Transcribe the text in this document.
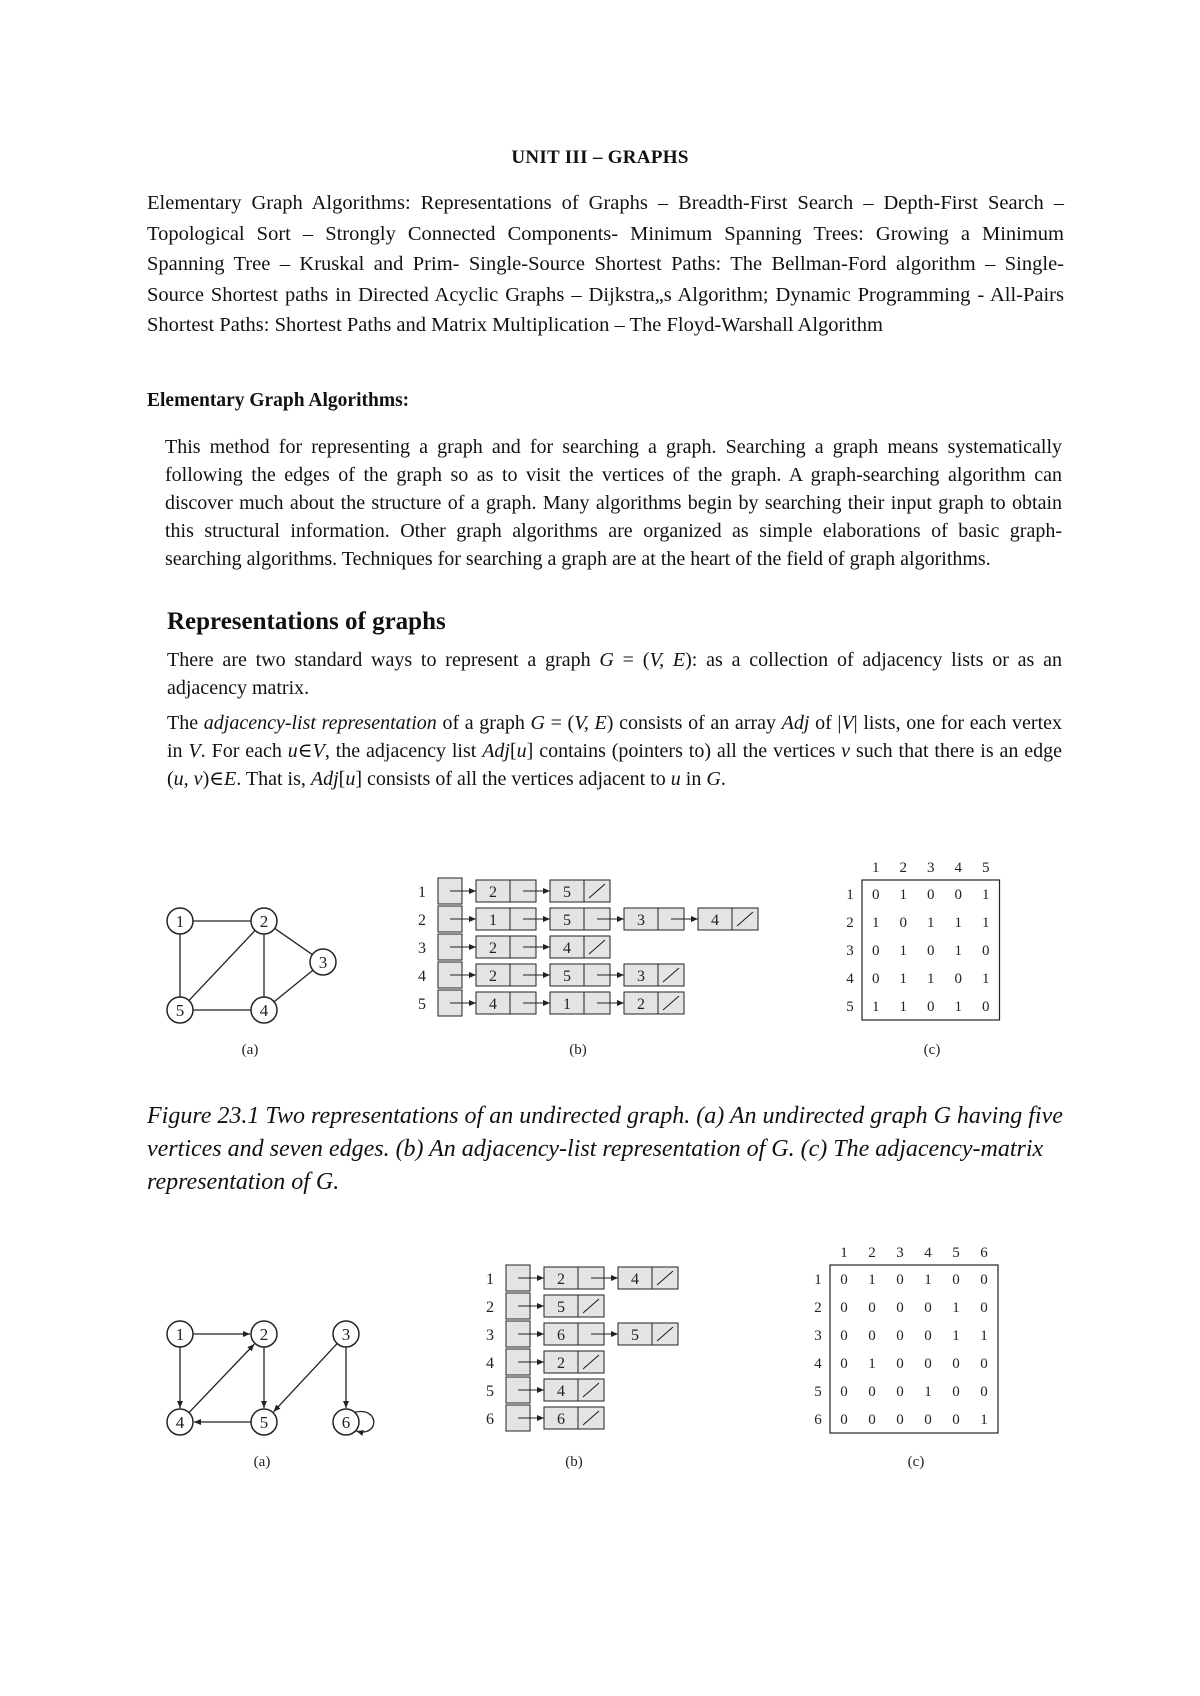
UNIT III – GRAPHS
Elementary Graph Algorithms: Representations of Graphs – Breadth-First Search – Depth-First Search – Topological Sort – Strongly Connected Components- Minimum Spanning Trees: Growing a Minimum Spanning Tree – Kruskal and Prim- Single-Source Shortest Paths: The Bellman-Ford algorithm – Single-Source Shortest paths in Directed Acyclic Graphs – Dijkstra„s Algorithm; Dynamic Programming - All-Pairs Shortest Paths: Shortest Paths and Matrix Multiplication – The Floyd-Warshall Algorithm
Elementary Graph Algorithms:
This method for representing a graph and for searching a graph. Searching a graph means systematically following the edges of the graph so as to visit the vertices of the graph. A graph-searching algorithm can discover much about the structure of a graph. Many algorithms begin by searching their input graph to obtain this structural information. Other graph algorithms are organized as simple elaborations of basic graph-searching algorithms. Techniques for searching a graph are at the heart of the field of graph algorithms.
Representations of graphs
There are two standard ways to represent a graph G = (V, E): as a collection of adjacency lists or as an adjacency matrix.
The adjacency-list representation of a graph G = (V, E) consists of an array Adj of |V| lists, one for each vertex in V. For each u∈V, the adjacency list Adj[u] contains (pointers to) all the vertices v such that there is an edge (u, v)∈E. That is, Adj[u] consists of all the vertices adjacent to u in G.
1	2
3
4
5
(a)
1	2	5
2	1	5	3	4
3	2	4
4	2	5	3
5	4	1	2
(b)
1 2 3 4 5
1 0 1 0 0 1
2 1 0 1 1 1
3 0 1 0 1 0
4 0 1 1 0 1
5 1 1 0 1 0
(c)
1	2	3
4	5	6
(a)
1	2	4
2	5
3	6	5
4	2
5	4
6	6
(b)
1 2 3 4 5 6
1 0 1 0 1 0 0
2 0 0 0 0 1 0
3 0 0 0 0 1 1
4 0 1 0 0 0 0
5 0 0 0 1 0 0
6 0 0 0 0 0 1
(c)
Figure 23.1 Two representations of an undirected graph. (a) An undirected graph G having five vertices and seven edges. (b) An adjacency-list representation of G. (c) The adjacency-matrix representation of G.
